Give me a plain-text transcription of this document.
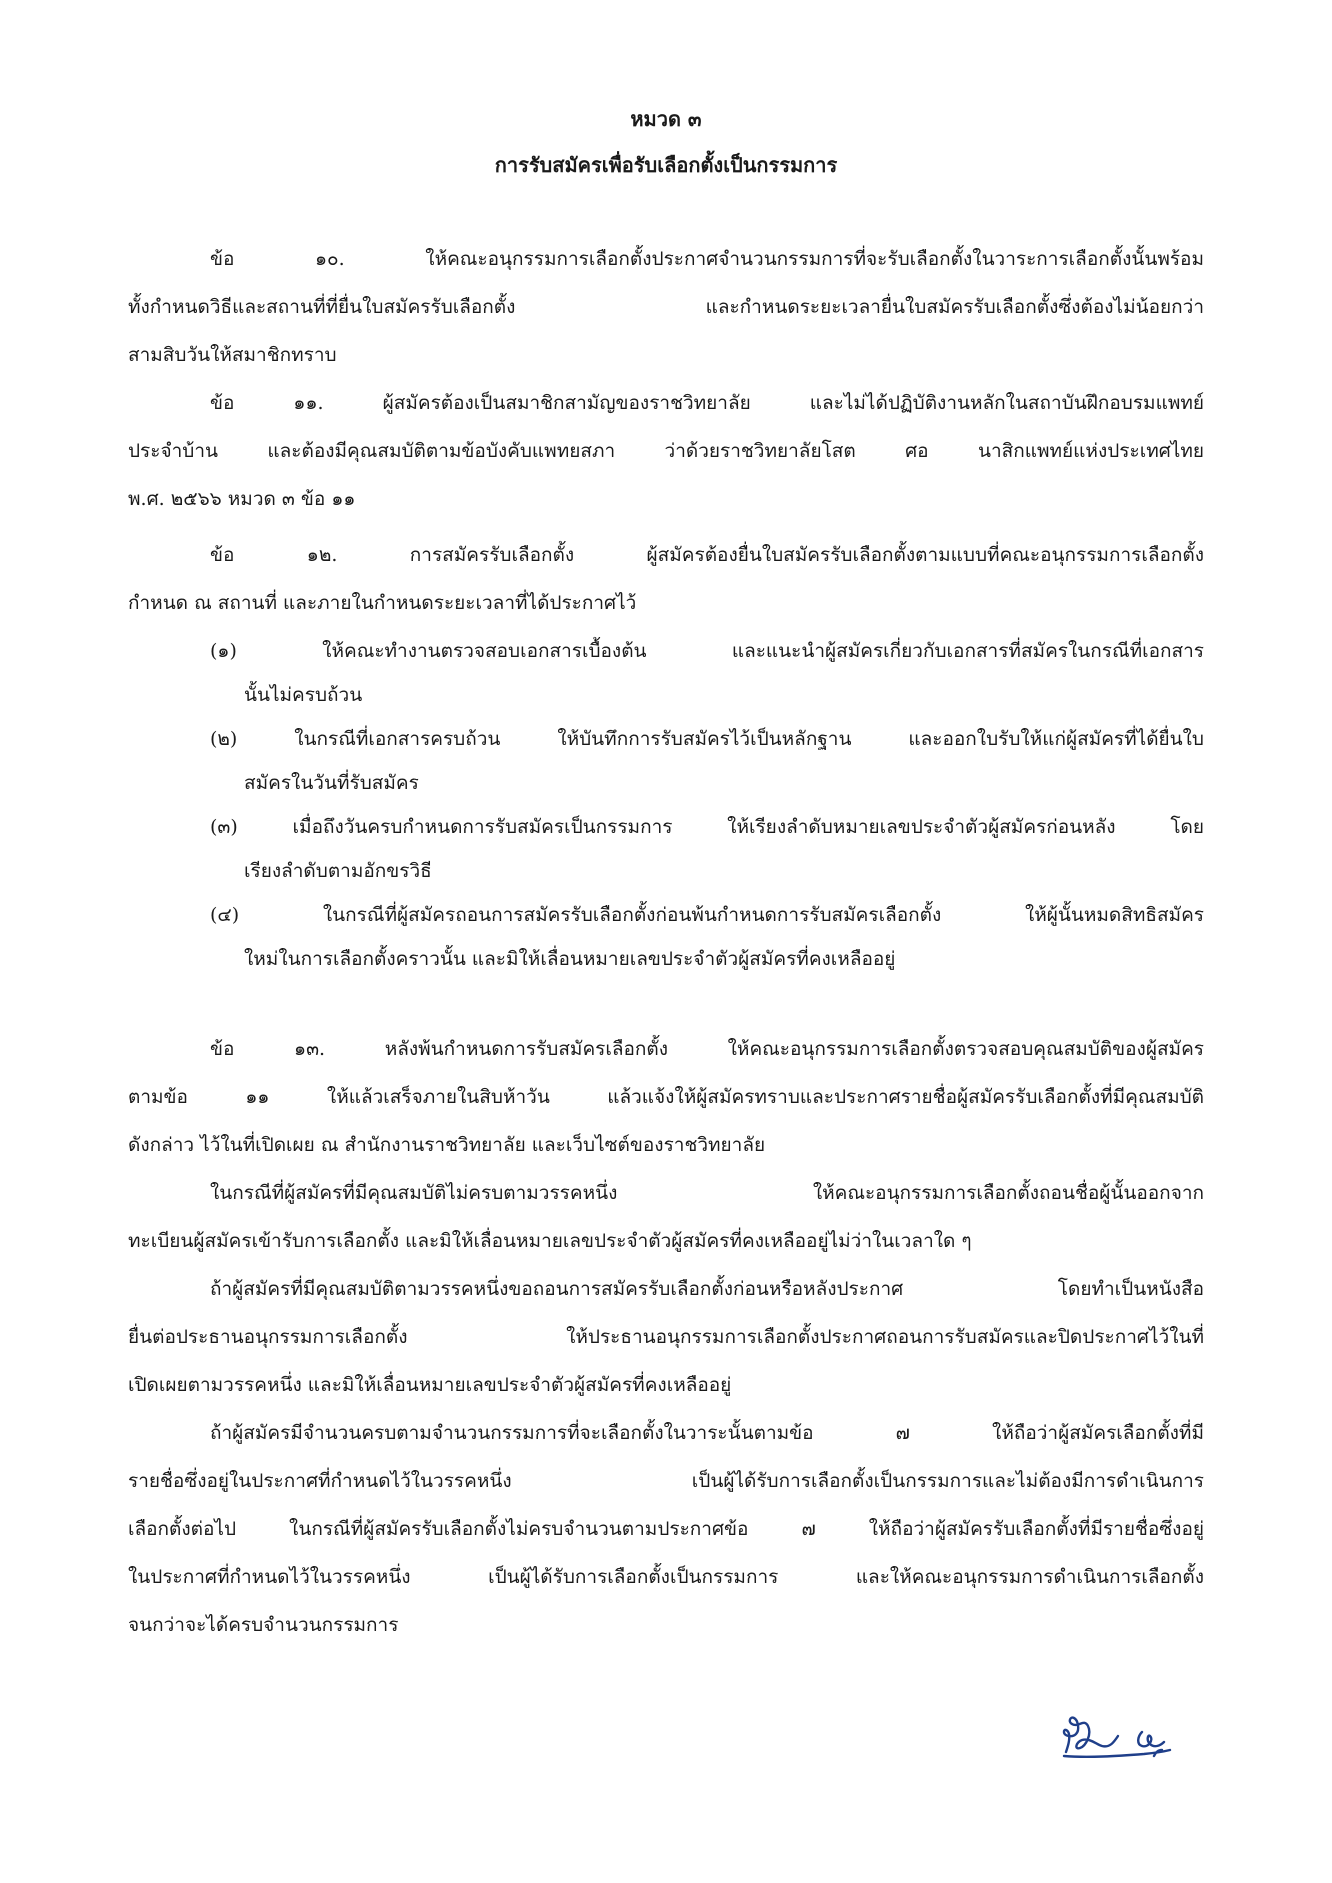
หมวด ๓
การรับสมัครเพื่อรับเลือกตั้งเป็นกรรมการ
ข้อ ๑๐. ให้คณะอนุกรรมการเลือกตั้งประกาศจำนวนกรรมการที่จะรับเลือกตั้งในวาระการเลือกตั้งนั้นพร้อม
ทั้งกำหนดวิธีและสถานที่ที่ยื่นใบสมัครรับเลือกตั้ง และกำหนดระยะเวลายื่นใบสมัครรับเลือกตั้งซึ่งต้องไม่น้อยกว่า
สามสิบวันให้สมาชิกทราบ
ข้อ ๑๑. ผู้สมัครต้องเป็นสมาชิกสามัญของราชวิทยาลัย และไม่ได้ปฏิบัติงานหลักในสถาบันฝึกอบรมแพทย์
ประจำบ้าน และต้องมีคุณสมบัติตามข้อบังคับแพทยสภา ว่าด้วยราชวิทยาลัยโสต ศอ นาสิกแพทย์แห่งประเทศไทย
พ.ศ. ๒๕๖๖ หมวด ๓ ข้อ ๑๑
ข้อ ๑๒. การสมัครรับเลือกตั้ง ผู้สมัครต้องยื่นใบสมัครรับเลือกตั้งตามแบบที่คณะอนุกรรมการเลือกตั้ง
กำหนด ณ สถานที่ และภายในกำหนดระยะเวลาที่ได้ประกาศไว้
(๑) ให้คณะทำงานตรวจสอบเอกสารเบื้องต้น และแนะนำผู้สมัครเกี่ยวกับเอกสารที่สมัครในกรณีที่เอกสาร
นั้นไม่ครบถ้วน
(๒) ในกรณีที่เอกสารครบถ้วน ให้บันทึกการรับสมัครไว้เป็นหลักฐาน และออกใบรับให้แก่ผู้สมัครที่ได้ยื่นใบ
สมัครในวันที่รับสมัคร
(๓) เมื่อถึงวันครบกำหนดการรับสมัครเป็นกรรมการ ให้เรียงลำดับหมายเลขประจำตัวผู้สมัครก่อนหลัง โดย
เรียงลำดับตามอักขรวิธี
(๔) ในกรณีที่ผู้สมัครถอนการสมัครรับเลือกตั้งก่อนพ้นกำหนดการรับสมัครเลือกตั้ง ให้ผู้นั้นหมดสิทธิสมัคร
ใหม่ในการเลือกตั้งคราวนั้น และมิให้เลื่อนหมายเลขประจำตัวผู้สมัครที่คงเหลืออยู่
ข้อ ๑๓. หลังพ้นกำหนดการรับสมัครเลือกตั้ง ให้คณะอนุกรรมการเลือกตั้งตรวจสอบคุณสมบัติของผู้สมัคร
ตามข้อ ๑๑ ให้แล้วเสร็จภายในสิบห้าวัน แล้วแจ้งให้ผู้สมัครทราบและประกาศรายชื่อผู้สมัครรับเลือกตั้งที่มีคุณสมบัติ
ดังกล่าว ไว้ในที่เปิดเผย ณ สำนักงานราชวิทยาลัย และเว็บไซต์ของราชวิทยาลัย
ในกรณีที่ผู้สมัครที่มีคุณสมบัติไม่ครบตามวรรคหนึ่ง ให้คณะอนุกรรมการเลือกตั้งถอนชื่อผู้นั้นออกจาก
ทะเบียนผู้สมัครเข้ารับการเลือกตั้ง และมิให้เลื่อนหมายเลขประจำตัวผู้สมัครที่คงเหลืออยู่ไม่ว่าในเวลาใด ๆ
ถ้าผู้สมัครที่มีคุณสมบัติตามวรรคหนึ่งขอถอนการสมัครรับเลือกตั้งก่อนหรือหลังประกาศ โดยทำเป็นหนังสือ
ยื่นต่อประธานอนุกรรมการเลือกตั้ง ให้ประธานอนุกรรมการเลือกตั้งประกาศถอนการรับสมัครและปิดประกาศไว้ในที่
เปิดเผยตามวรรคหนึ่ง และมิให้เลื่อนหมายเลขประจำตัวผู้สมัครที่คงเหลืออยู่
ถ้าผู้สมัครมีจำนวนครบตามจำนวนกรรมการที่จะเลือกตั้งในวาระนั้นตามข้อ ๗ ให้ถือว่าผู้สมัครเลือกตั้งที่มี
รายชื่อซึ่งอยู่ในประกาศที่กำหนดไว้ในวรรคหนึ่ง เป็นผู้ได้รับการเลือกตั้งเป็นกรรมการและไม่ต้องมีการดำเนินการ
เลือกตั้งต่อไป ในกรณีที่ผู้สมัครรับเลือกตั้งไม่ครบจำนวนตามประกาศข้อ ๗ ให้ถือว่าผู้สมัครรับเลือกตั้งที่มีรายชื่อซึ่งอยู่
ในประกาศที่กำหนดไว้ในวรรคหนึ่ง เป็นผู้ได้รับการเลือกตั้งเป็นกรรมการ และให้คณะอนุกรรมการดำเนินการเลือกตั้ง
จนกว่าจะได้ครบจำนวนกรรมการ
